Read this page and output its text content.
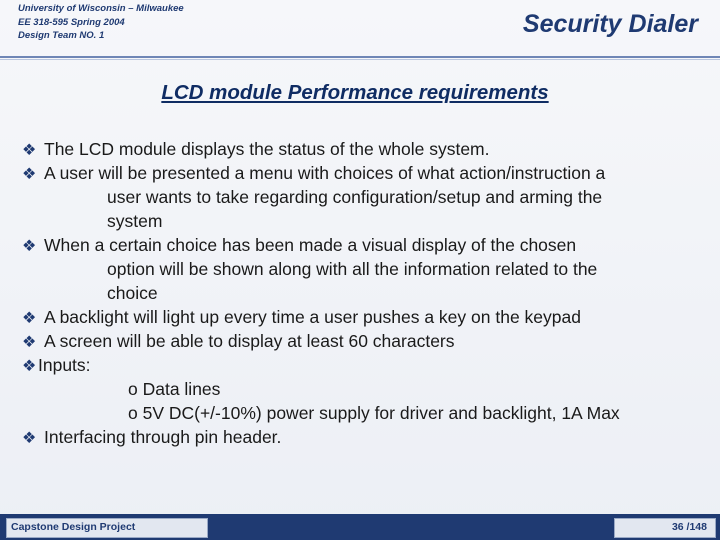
University of Wisconsin – Milwaukee
EE 318-595 Spring 2004
Design Team NO. 1	Security Dialer
LCD module Performance requirements
❖ The LCD module displays the status of the whole system.
❖ A user will be presented a menu with choices of what action/instruction a
user wants to take regarding configuration/setup and arming the
system
❖ When a certain choice has been made a visual display of the chosen
option will be shown along with all the information related to the
choice
❖ A backlight will light up every time a user pushes a key on the keypad
❖ A screen will be able to display at least 60 characters
❖Inputs:
o Data lines
o 5V DC(+/-10%) power supply for driver and backlight, 1A Max
❖ Interfacing through pin header.
Capstone Design Project	36 /148
